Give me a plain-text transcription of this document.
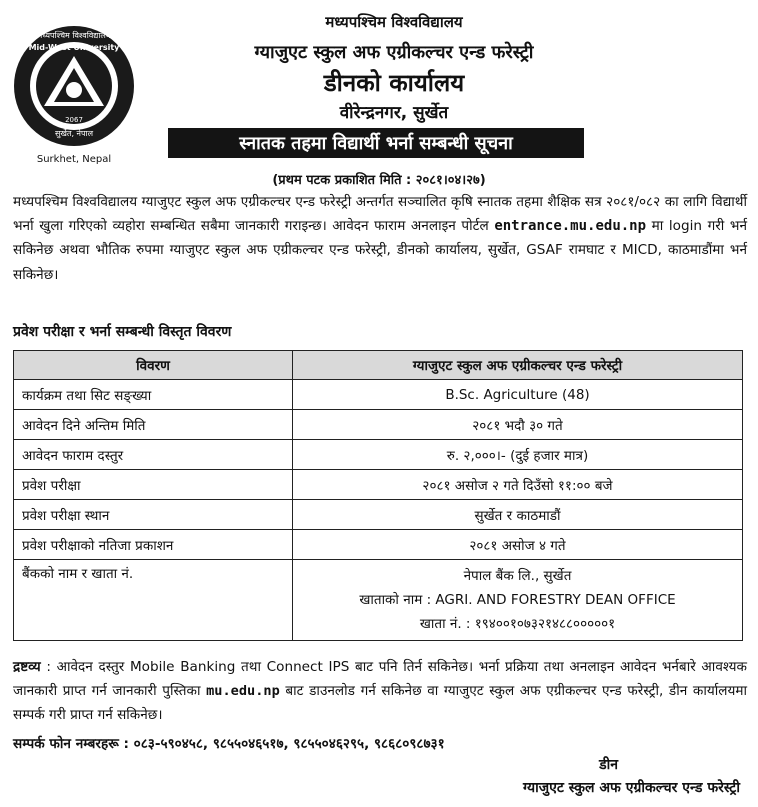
मध्यपश्चिम विश्वविद्यालय
Mid-West University
2067
सुर्खेत, नेपाल
Surkhet, Nepal
मध्यपश्चिम विश्वविद्यालय
ग्याजुएट स्कुल अफ एग्रीकल्चर एन्ड फरेस्ट्री
डीनको कार्यालय
वीरेन्द्रनगर, सुर्खेत
स्नातक तहमा विद्यार्थी भर्ना सम्बन्धी सूचना
(प्रथम पटक प्रकाशित मिति : २०८१।०४।२७)
मध्यपश्चिम विश्वविद्यालय ग्याजुएट स्कुल अफ एग्रीकल्चर एन्ड फरेस्ट्री अन्तर्गत सञ्चालित कृषि स्नातक तहमा शैक्षिक सत्र २०८१/०८२ का लागि विद्यार्थी भर्ना खुला गरिएको व्यहोरा सम्बन्धित सबैमा जानकारी गराइन्छ। आवेदन फाराम अनलाइन पोर्टल entrance.mu.edu.np मा login गरी भर्न सकिनेछ अथवा भौतिक रुपमा ग्याजुएट स्कुल अफ एग्रीकल्चर एन्ड फरेस्ट्री, डीनको कार्यालय, सुर्खेत, GSAF रामघाट र MICD, काठमाडौंमा भर्न सकिनेछ।
प्रवेश परीक्षा र भर्ना सम्बन्धी विस्तृत विवरण
विवरण	ग्याजुएट स्कुल अफ एग्रीकल्चर एन्ड फरेस्ट्री
कार्यक्रम तथा सिट सङ्ख्या	B.Sc. Agriculture (48)
आवेदन दिने अन्तिम मिति	२०८१ भदौ ३० गते
आवेदन फाराम दस्तुर	रु. २,०००।- (दुई हजार मात्र)
प्रवेश परीक्षा	२०८१ असोज २ गते दिउँसो ११:०० बजे
प्रवेश परीक्षा स्थान	सुर्खेत र काठमाडौं
प्रवेश परीक्षाको नतिजा प्रकाशन	२०८१ असोज ४ गते
बैंकको नाम र खाता नं.	नेपाल बैंक लि., सुर्खेत
खाताको नाम : AGRI. AND FORESTRY DEAN OFFICE
खाता नं. : १९४००१०७३२१४८८०००००१
द्रष्टव्य : आवेदन दस्तुर Mobile Banking तथा Connect IPS बाट पनि तिर्न सकिनेछ। भर्ना प्रक्रिया तथा अनलाइन आवेदन भर्नबारे आवश्यक जानकारी प्राप्त गर्न जानकारी पुस्तिका mu.edu.np बाट डाउनलोड गर्न सकिनेछ वा ग्याजुएट स्कुल अफ एग्रीकल्चर एन्ड फरेस्ट्री, डीन कार्यालयमा सम्पर्क गरी प्राप्त गर्न सकिनेछ।
सम्पर्क फोन नम्बरहरू : ०८३-५९०४५८, ९८५५०४६५१७, ९८५५०४६२९५, ९८६८०९८७३१
डीन
ग्याजुएट स्कुल अफ एग्रीकल्चर एन्ड फरेस्ट्री
